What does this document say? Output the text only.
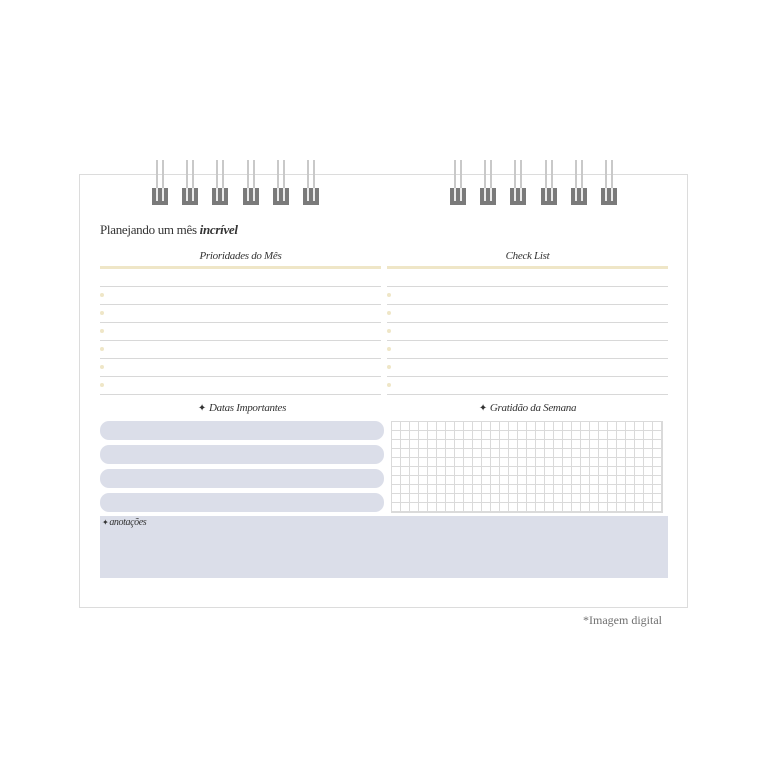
Planejando um mês incrível
Prioridades do Mês	Check List
✦ Datas Importantes	✦ Gratidão da Semana
✦anotações
*Imagem digital
